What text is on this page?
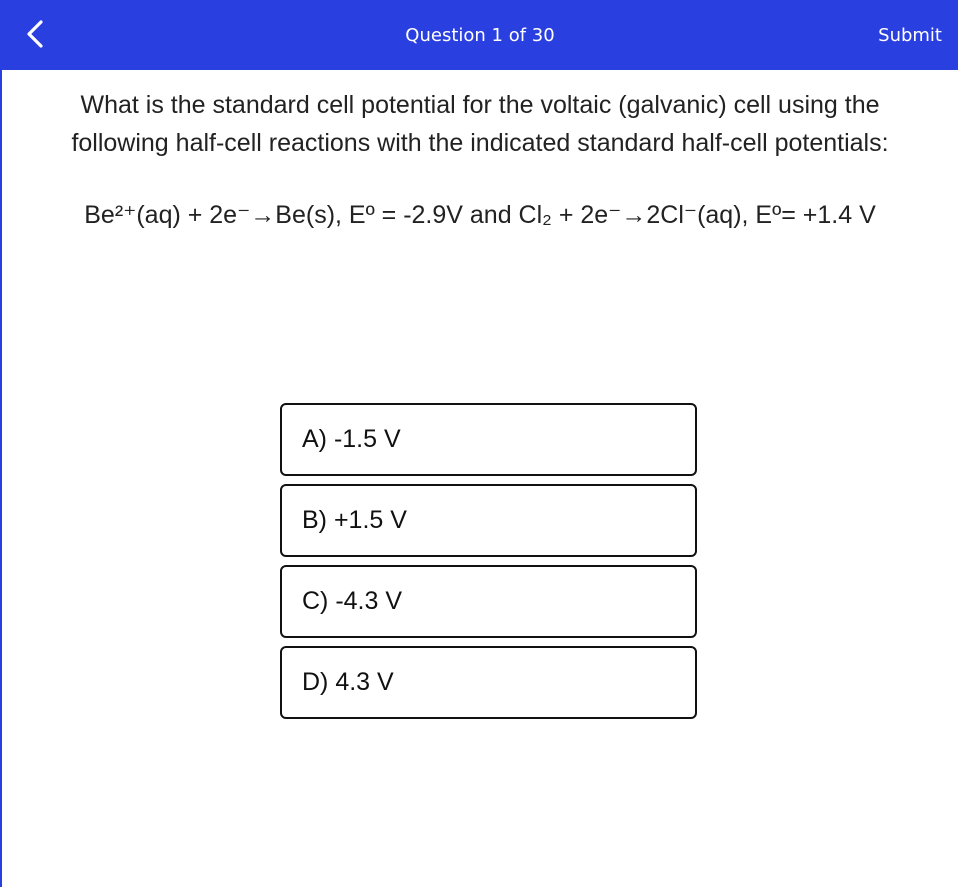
Question 1 of 30	Submit

What is the standard cell potential for the voltaic (galvanic) cell using the

following half-cell reactions with the indicated standard half-cell potentials:

Be²⁺(aq) + 2e⁻→Be(s), Eº = -2.9V and Cl₂ + 2e⁻→2Cl⁻(aq), Eº= +1.4 V
A) -1.5 V
B) +1.5 V
C) -4.3 V
D) 4.3 V
